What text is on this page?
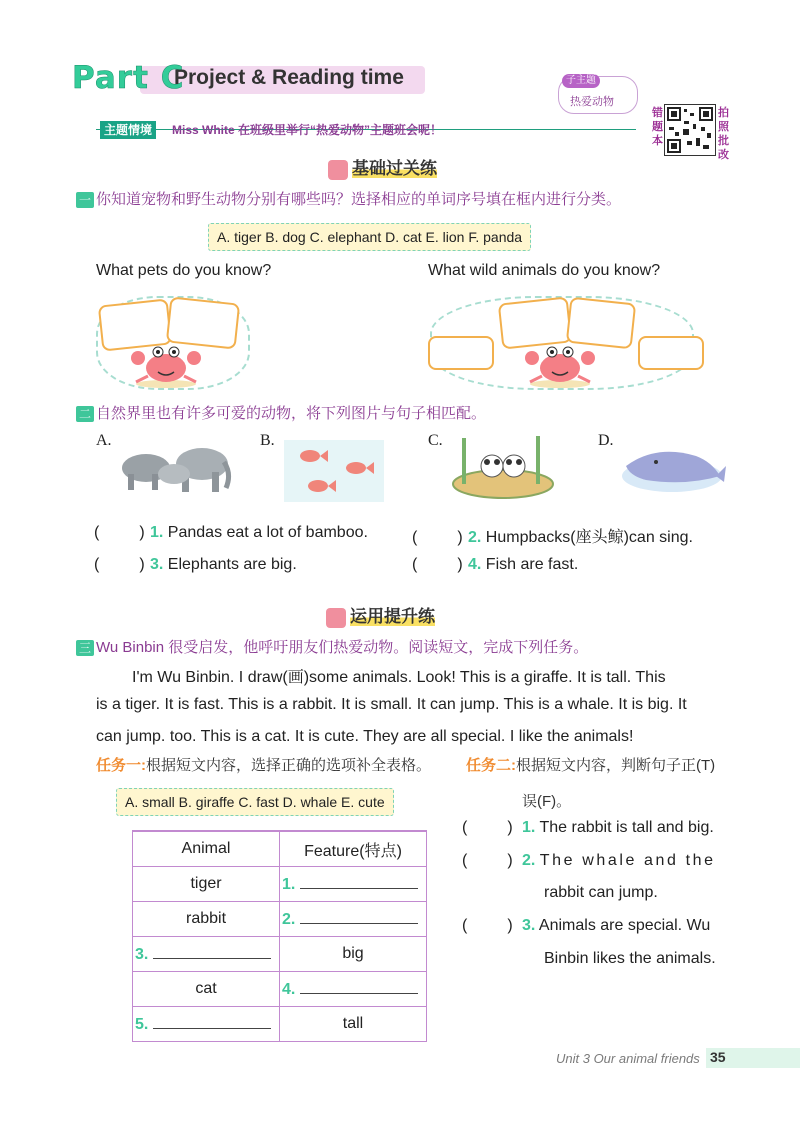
Part C
Project & Reading time	子主题
热爱动物
主题情境	Miss White 在班级里举行“热爱动物”主题班会呢！
错题本
拍照批改
基础过关练
一 你知道宠物和野生动物分别有哪些吗？选择相应的单词序号填在框内进行分类。
A. tiger B. dog C. elephant D. cat E. lion F. panda
What pets do you know?	What wild animals do you know?
二 自然界里也有许多可爱的动物，将下列图片与句子相匹配。
A.	B.	C.	D.
(         ) 1. Pandas eat a lot of bamboo.	(         ) 2. Humpbacks(座头鲸)can sing.
(         ) 3. Elephants are big.	(         ) 4. Fish are fast.
运用提升练
三 Wu Binbin 很受启发，他呼吁朋友们热爱动物。阅读短文，完成下列任务。
I'm Wu Binbin. I draw(画)some animals. Look! This is a giraffe. It is tall. This
is a tiger. It is fast. This is a rabbit. It is small. It can jump. This is a whale. It is big. It
can jump. too. This is a cat. It is cute. They are all special. I like the animals!
任务一:根据短文内容，选择正确的选项补全表格。
A. small B. giraffe C. fast D. whale E. cute
Animal	Feature(特点)
tiger	1.
rabbit	2.
3.	big
cat	4.
5.	tall
任务二:根据短文内容，判断句子正(T)
误(F)。
(         ) 1. The rabbit is tall and big.
(         ) 2. The whale and the
rabbit can jump.
(         ) 3. Animals are special. Wu
Binbin likes the animals.
Unit 3 Our animal friends 35
